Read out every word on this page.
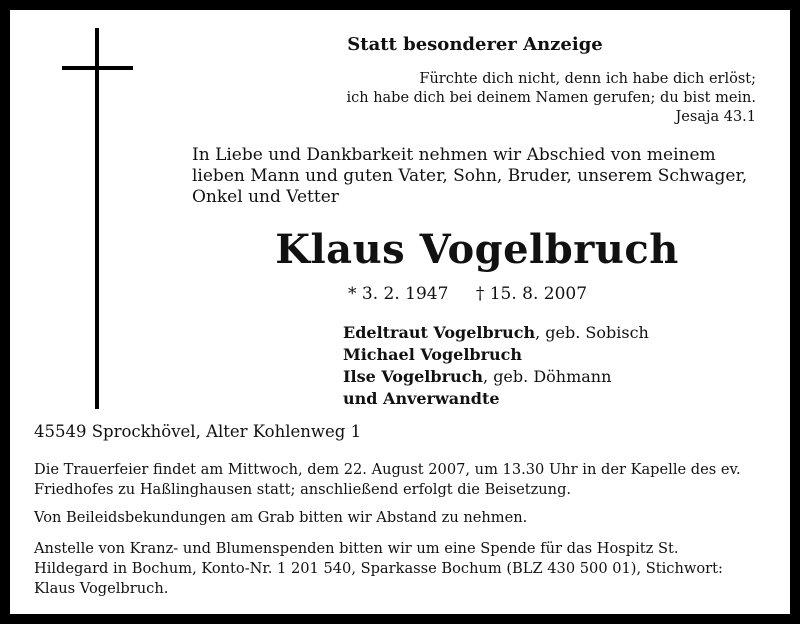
Statt besonderer Anzeige
Fürchte dich nicht, denn ich habe dich erlöst;
ich habe dich bei deinem Namen gerufen; du bist mein.
Jesaja 43.1
In Liebe und Dankbarkeit nehmen wir Abschied von meinem
lieben Mann und guten Vater, Sohn, Bruder, unserem Schwager,
Onkel und Vetter
Klaus Vogelbruch
* 3. 2. 1947 † 15. 8. 2007
Edeltraut Vogelbruch, geb. Sobisch
Michael Vogelbruch
Ilse Vogelbruch, geb. Döhmann
und Anverwandte
45549 Sprockhövel, Alter Kohlenweg 1
Die Trauerfeier findet am Mittwoch, dem 22. August 2007, um 13.30 Uhr in der Kapelle des ev.
Friedhofes zu Haßlinghausen statt; anschließend erfolgt die Beisetzung.
Von Beileidsbekundungen am Grab bitten wir Abstand zu nehmen.
Anstelle von Kranz- und Blumenspenden bitten wir um eine Spende für das Hospitz St.
Hildegard in Bochum, Konto-Nr. 1 201 540, Sparkasse Bochum (BLZ 430 500 01), Stichwort:
Klaus Vogelbruch.
